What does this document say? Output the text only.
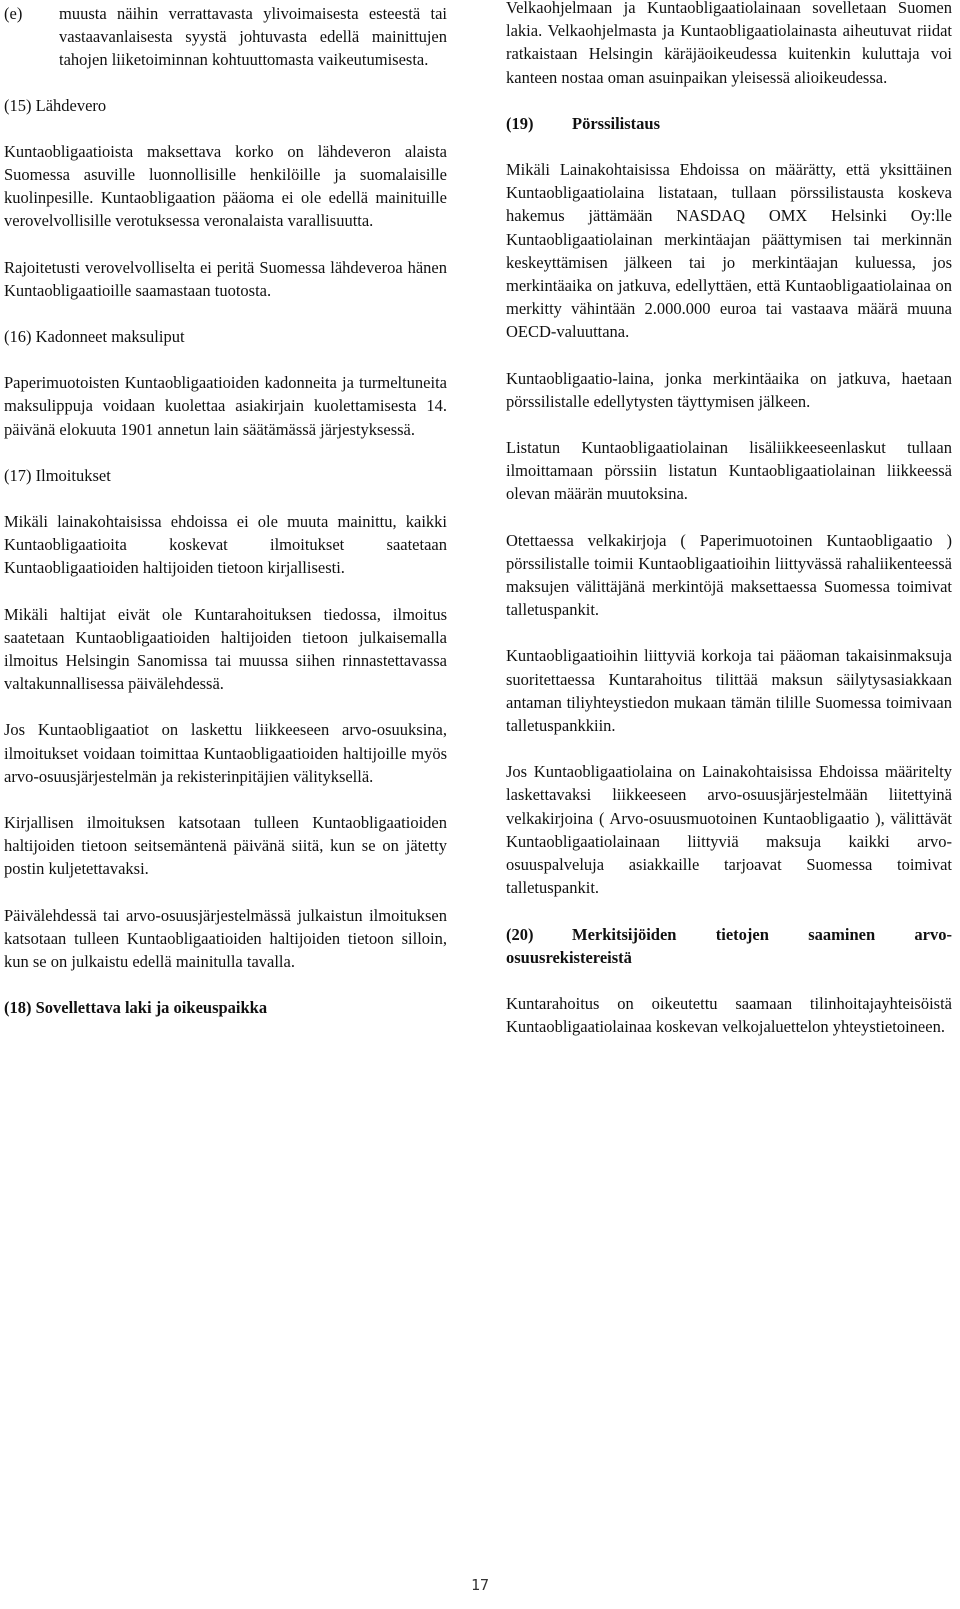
(e) muusta näihin verrattavasta ylivoimaisesta esteestä tai vastaavanlaisesta syystä johtuvasta edellä mainittujen tahojen liiketoiminnan kohtuuttomasta vaikeutumisesta.

(15) Lähdevero

Kuntaobligaatioista maksettava korko on lähdeveron alaista Suomessa asuville luonnollisille henkilöille ja suomalaisille kuolinpesille. Kuntaobligaation pääoma ei ole edellä mainituille verovelvollisille verotuksessa veronalaista varallisuutta.

Rajoitetusti verovelvolliselta ei peritä Suomessa lähdeveroa hänen Kuntaobligaatioille saamastaan tuotosta.

(16) Kadonneet maksuliput

Paperimuotoisten Kuntaobligaatioiden kadonneita ja turmeltuneita maksulippuja voidaan kuolettaa asiakirjain kuolettamisesta 14. päivänä elokuuta 1901 annetun lain säätämässä järjestyksessä.

(17) Ilmoitukset

Mikäli lainakohtaisissa ehdoissa ei ole muuta mainittu, kaikki Kuntaobligaatioita koskevat ilmoitukset saatetaan Kuntaobligaatioiden haltijoiden tietoon kirjallisesti.

Mikäli haltijat eivät ole Kuntarahoituksen tiedossa, ilmoitus saatetaan Kuntaobligaatioiden haltijoiden tietoon julkaisemalla ilmoitus Helsingin Sanomissa tai muussa siihen rinnastettavassa valtakunnallisessa päivälehdessä.

Jos Kuntaobligaatiot on laskettu liikkeeseen arvo-osuuksina, ilmoitukset voidaan toimittaa Kuntaobligaatioiden haltijoille myös arvo-osuusjärjestelmän ja rekisterinpitäjien välityksellä.

Kirjallisen ilmoituksen katsotaan tulleen Kuntaobligaatioiden haltijoiden tietoon seitsemäntenä päivänä siitä, kun se on jätetty postin kuljetettavaksi.

Päivälehdessä tai arvo-osuusjärjestelmässä julkaistun ilmoituksen katsotaan tulleen Kuntaobligaatioiden haltijoiden tietoon silloin, kun se on julkaistu edellä mainitulla tavalla.

(18) Sovellettava laki ja oikeuspaikka

Velkaohjelmaan ja Kuntaobligaatiolainaan sovelletaan Suomen lakia. Velkaohjelmasta ja Kuntaobligaatiolainasta aiheutuvat riidat ratkaistaan Helsingin käräjäoikeudessa kuitenkin kuluttaja voi kanteen nostaa oman asuinpaikan yleisessä alioikeudessa.

(19) Pörssilistaus

Mikäli Lainakohtaisissa Ehdoissa on määrätty, että yksittäinen Kuntaobligaatiolaina listataan, tullaan pörssilistausta koskeva hakemus jättämään NASDAQ OMX Helsinki Oy:lle Kuntaobligaatiolainan merkintäajan päättymisen tai merkinnän keskeyttämisen jälkeen tai jo merkintäajan kuluessa, jos merkintäaika on jatkuva, edellyttäen, että Kuntaobligaatiolainaa on merkitty vähintään 2.000.000 euroa tai vastaava määrä muuna OECD-valuuttana.

Kuntaobligaatio-laina, jonka merkintäaika on jatkuva, haetaan pörssilistalle edellytysten täyttymisen jälkeen.

Listatun Kuntaobligaatiolainan lisäliikkeeseenlaskut tullaan ilmoittamaan pörssiin listatun Kuntaobligaatiolainan liikkeessä olevan määrän muutoksina.

Otettaessa velkakirjoja ( Paperimuotoinen Kuntaobligaatio ) pörssilistalle toimii Kuntaobligaatioihin liittyvässä rahaliikenteessä maksujen välittäjänä merkintöjä maksettaessa Suomessa toimivat talletuspankit.

Kuntaobligaatioihin liittyviä korkoja tai pääoman takaisinmaksuja suoritettaessa Kuntarahoitus tilittää maksun säilytysasiakkaan antaman tiliyhteystiedon mukaan tämän tilille Suomessa toimivaan talletuspankkiin.

Jos Kuntaobligaatiolaina on Lainakohtaisissa Ehdoissa määritelty laskettavaksi liikkeeseen arvo-osuusjärjestelmään liitettyinä velkakirjoina ( Arvo-osuusmuotoinen Kuntaobligaatio ), välittävät Kuntaobligaatiolainaan liittyviä maksuja kaikki arvo-osuuspalveluja asiakkaille tarjoavat Suomessa toimivat talletuspankit.

(20) Merkitsijöiden tietojen saaminen arvo-osuusrekistereistä

Kuntarahoitus on oikeutettu saamaan tilinhoitajayhteisöistä Kuntaobligaatiolainaa koskevan velkojaluettelon yhteystietoineen.

17
